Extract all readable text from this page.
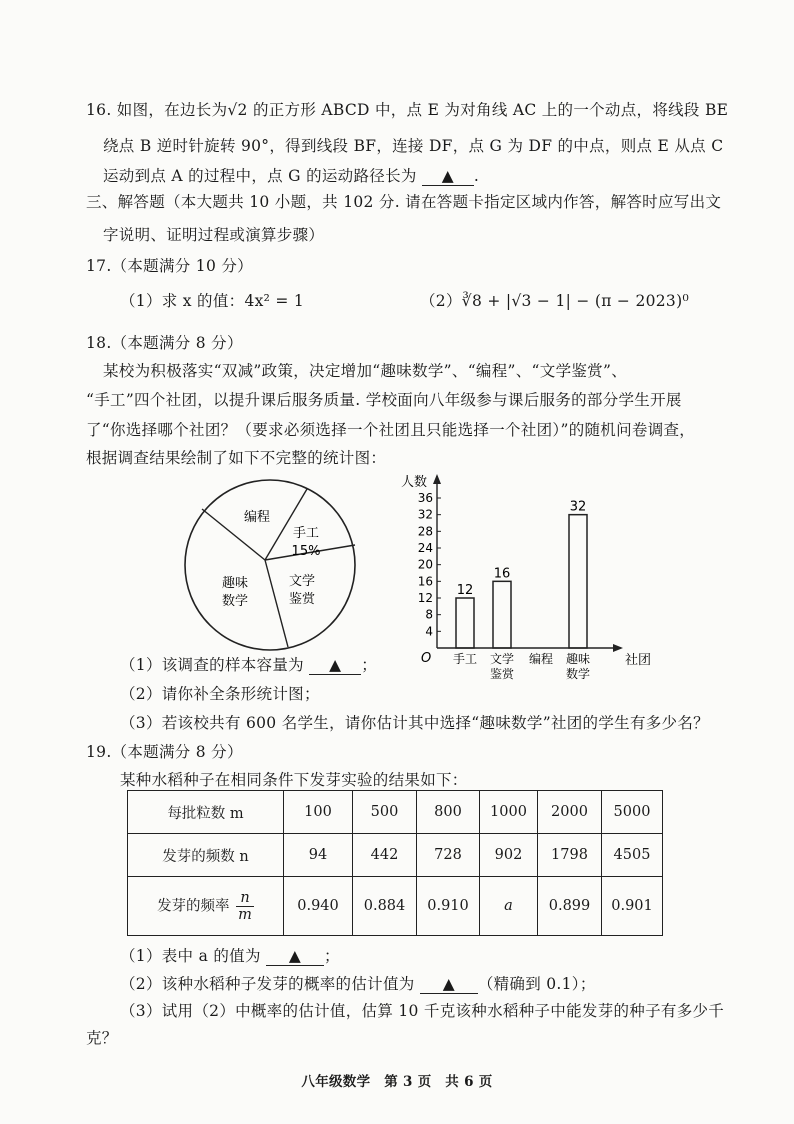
16. 如图，在边长为√2 的正方形 ABCD 中，点 E 为对角线 AC 上的一个动点，将线段 BE
绕点 B 逆时针旋转 90°，得到线段 BF，连接 DF，点 G 为 DF 的中点，则点 E 从点 C
运动到点 A 的过程中，点 G 的运动路径长为 ▲ .
三、解答题（本大题共 10 小题，共 102 分. 请在答题卡指定区域内作答，解答时应写出文
字说明、证明过程或演算步骤）
17.（本题满分 10 分）
（1）求 x 的值：4x² = 1	（2）∛8 + |√3 − 1| − (π − 2023)⁰
18.（本题满分 8 分）
某校为积极落实“双减”政策，决定增加“趣味数学”、“编程”、“文学鉴赏”、
“手工”四个社团，以提升课后服务质量. 学校面向八年级参与课后服务的部分学生开展
了“你选择哪个社团？（要求必须选择一个社团且只能选择一个社团）”的随机问卷调查，
根据调查结果绘制了如下不完整的统计图：
编程
手工
15%
文学
鉴赏
趣味
数学
人数
社团
O
4
8
12
16
20
24
28
32
36
12
手工
16
文学
鉴赏
编程
32
趣味
数学
（1）该调查的样本容量为 ▲ ；
（2）请你补全条形统计图；
（3）若该校共有 600 名学生，请你估计其中选择“趣味数学”社团的学生有多少名？
19.（本题满分 8 分）
某种水稻种子在相同条件下发芽实验的结果如下：
每批粒数 m	100	500	800	1000	2000	5000
发芽的频数 n	94	442	728	902	1798	4505
发芽的频率 $\frac{n}{m}$	0.940	0.884	0.910	a	0.899	0.901
（1）表中 a 的值为 ▲ ；
（2）该种水稻种子发芽的概率的估计值为 ▲ （精确到 0.1）；
（3）试用（2）中概率的估计值，估算 10 千克该种水稻种子中能发芽的种子有多少千
克？
八年级数学　第 3 页　共 6 页
